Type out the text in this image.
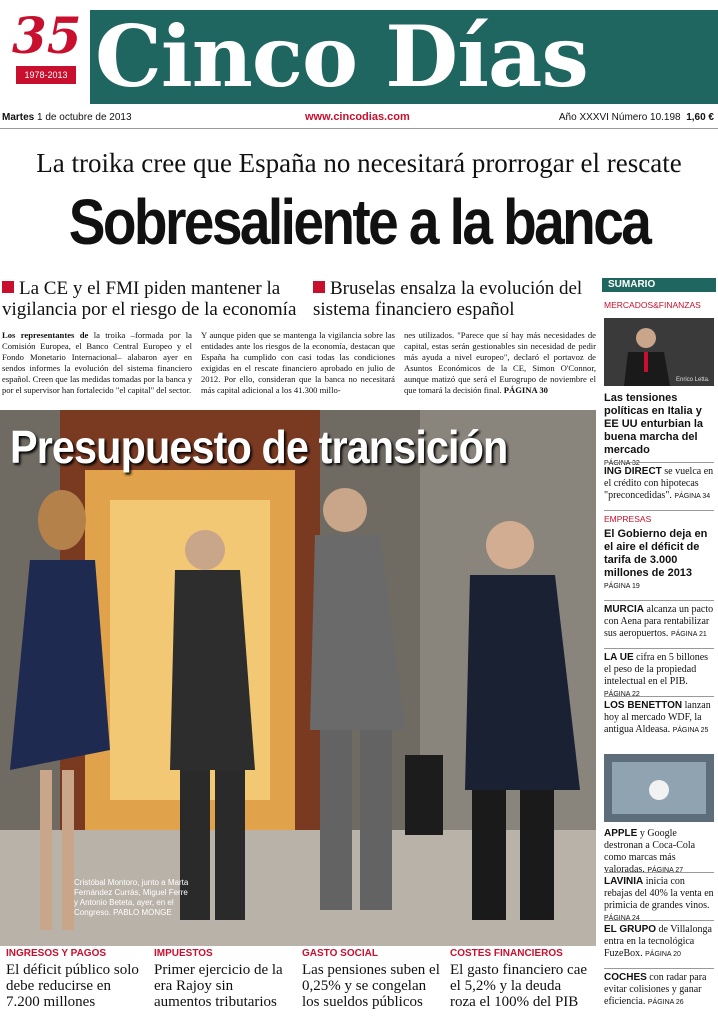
35
1978-2013 Cinco Días
Martes 1 de octubre de 2013	www.cincodias.com	Año XXXVI Número 10.198 1,60 €
La troika cree que España no necesitará prorrogar el rescate
Sobresaliente a la banca
La CE y el FMI piden mantener la vigilancia por el riesgo de la economía
Bruselas ensalza la evolución del sistema financiero español
Los representantes de la troika –formada por la Comisión Europea, el Banco Central Europeo y el Fondo Monetario Internacional– alabaron ayer en sendos informes la evolución del sistema financiero español. Creen que las medidas tomadas por la banca y por el supervisor han fortalecido "el capital" del sector.
Y aunque piden que se mantenga la vigilancia sobre las entidades ante los riesgos de la economía, destacan que España ha cumplido con casi todas las condiciones exigidas en el rescate financiero aprobado en julio de 2012. Por ello, consideran que la banca no necesitará más capital adicional a los 41.300 millo-
nes utilizados. "Parece que sí hay más necesidades de capital, estas serán gestionables sin necesidad de pedir más ayuda a nivel europeo", declaró el portavoz de Asuntos Económicos de la CE, Simon O'Connor, aunque matizó que será el Eurogrupo de noviembre el que tomará la decisión final. PÁGINA 30
Presupuesto de transición
Cristóbal Montoro, junto a Marta Fernández Currás, Miguel Ferre y Antonio Beteta, ayer, en el Congreso. PABLO MONGE
INGRESOS Y PAGOS
El déficit público solo debe reducirse en 7.200 millones
IMPUESTOS
Primer ejercicio de la era Rajoy sin aumentos tributarios
GASTO SOCIAL
Las pensiones suben el 0,25% y se congelan los sueldos públicos
COSTES FINANCIEROS
El gasto financiero cae el 5,2% y la deuda roza el 100% del PIB
SUMARIO
MERCADOS&FINANZAS
Enrico Letta.
Las tensiones políticas en Italia y EE UU enturbian la buena marcha del mercado
PÁGINA 32
ING DIRECT se vuelca en el crédito con hipotecas "preconcedidas". PÁGINA 34
EMPRESAS
El Gobierno deja en el aire el déficit de tarifa de 3.000 millones de 2013
PÁGINA 19
MURCIA alcanza un pacto con Aena para rentabilizar sus aeropuertos. PÁGINA 21
LA UE cifra en 5 billones el peso de la propiedad intelectual en el PIB. PÁGINA 22
LOS BENETTON lanzan hoy al mercado WDF, la antigua Aldeasa. PÁGINA 25
APPLE y Google destronan a Coca-Cola como marcas más valoradas. PÁGINA 27
LAVINIA inicia con rebajas del 40% la venta en primicia de grandes vinos. PÁGINA 24
EL GRUPO de Villalonga entra en la tecnológica FuzeBox. PÁGINA 20
COCHES con radar para evitar colisiones y ganar eficiencia. PÁGINA 26
